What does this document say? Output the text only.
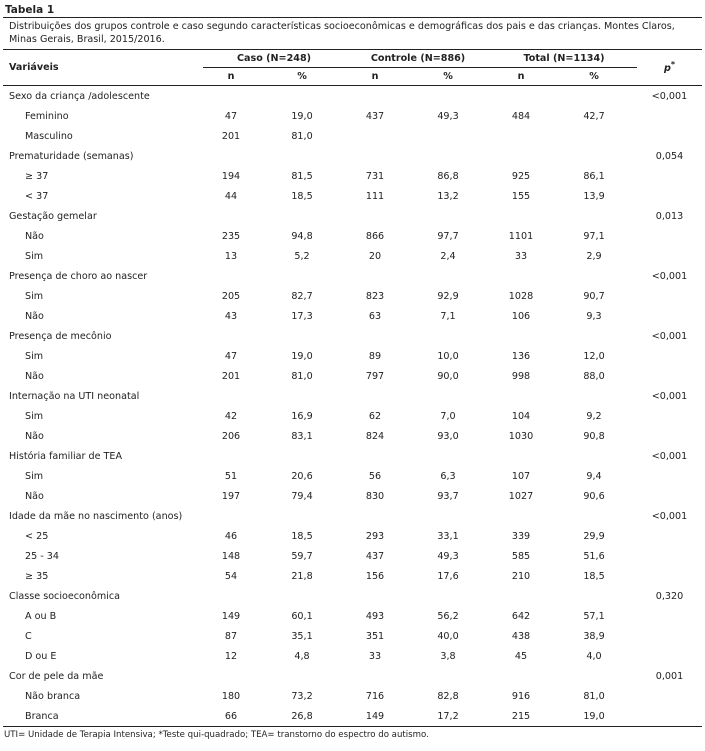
Tabela 1
Distribuições dos grupos controle e caso segundo características socioeconômicas e demográficas dos pais e das crianças. Montes Claros, Minas Gerais, Brasil, 2015/2016.
Variáveis	Caso (N=248)		Controle (N=886)		Total (N=1134)		p*
	n	%	n	%	n	%	
Sexo da criança /adolescente							<0,001
Feminino	47	19,0	437	49,3	484	42,7	
Masculino	201	81,0					
Prematuridade (semanas)							0,054
≥ 37	194	81,5	731	86,8	925	86,1	
< 37	44	18,5	111	13,2	155	13,9	
Gestação gemelar							0,013
Não	235	94,8	866	97,7	1101	97,1	
Sim	13	5,2	20	2,4	33	2,9	
Presença de choro ao nascer							<0,001
Sim	205	82,7	823	92,9	1028	90,7	
Não	43	17,3	63	7,1	106	9,3	
Presença de mecônio							<0,001
Sim	47	19,0	89	10,0	136	12,0	
Não	201	81,0	797	90,0	998	88,0	
Internação na UTI neonatal							<0,001
Sim	42	16,9	62	7,0	104	9,2	
Não	206	83,1	824	93,0	1030	90,8	
História familiar de TEA							<0,001
Sim	51	20,6	56	6,3	107	9,4	
Não	197	79,4	830	93,7	1027	90,6	
Idade da mãe no nascimento (anos)							<0,001
< 25	46	18,5	293	33,1	339	29,9	
25 - 34	148	59,7	437	49,3	585	51,6	
≥ 35	54	21,8	156	17,6	210	18,5	
Classe socioeconômica							0,320
A ou B	149	60,1	493	56,2	642	57,1	
C	87	35,1	351	40,0	438	38,9	
D ou E	12	4,8	33	3,8	45	4,0	
Cor de pele da mãe							0,001
Não branca	180	73,2	716	82,8	916	81,0	
Branca	66	26,8	149	17,2	215	19,0	
UTI= Unidade de Terapia Intensiva; *Teste qui-quadrado; TEA= transtorno do espectro do autismo.
